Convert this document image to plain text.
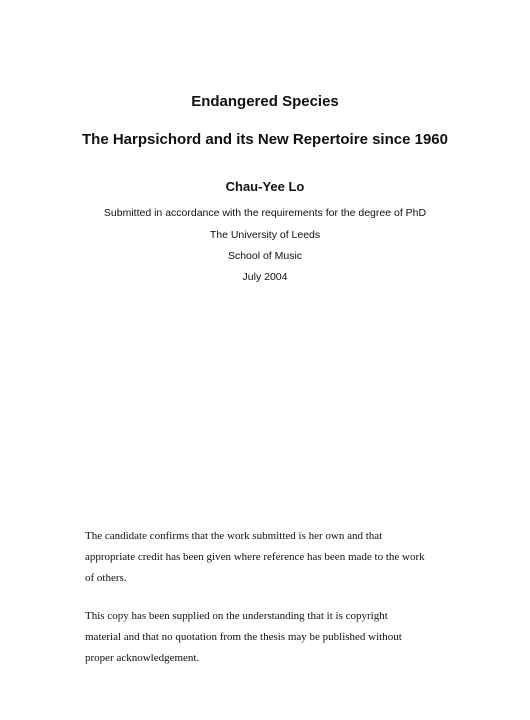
Endangered Species
The Harpsichord and its New Repertoire since 1960
Chau-Yee Lo
Submitted in accordance with the requirements for the degree of PhD
The University of Leeds
School of Music
July 2004
The candidate confirms that the work submitted is her own and that
appropriate credit has been given where reference has been made to the work
of others.
This copy has been supplied on the understanding that it is copyright
material and that no quotation from the thesis may be published without
proper acknowledgement.
